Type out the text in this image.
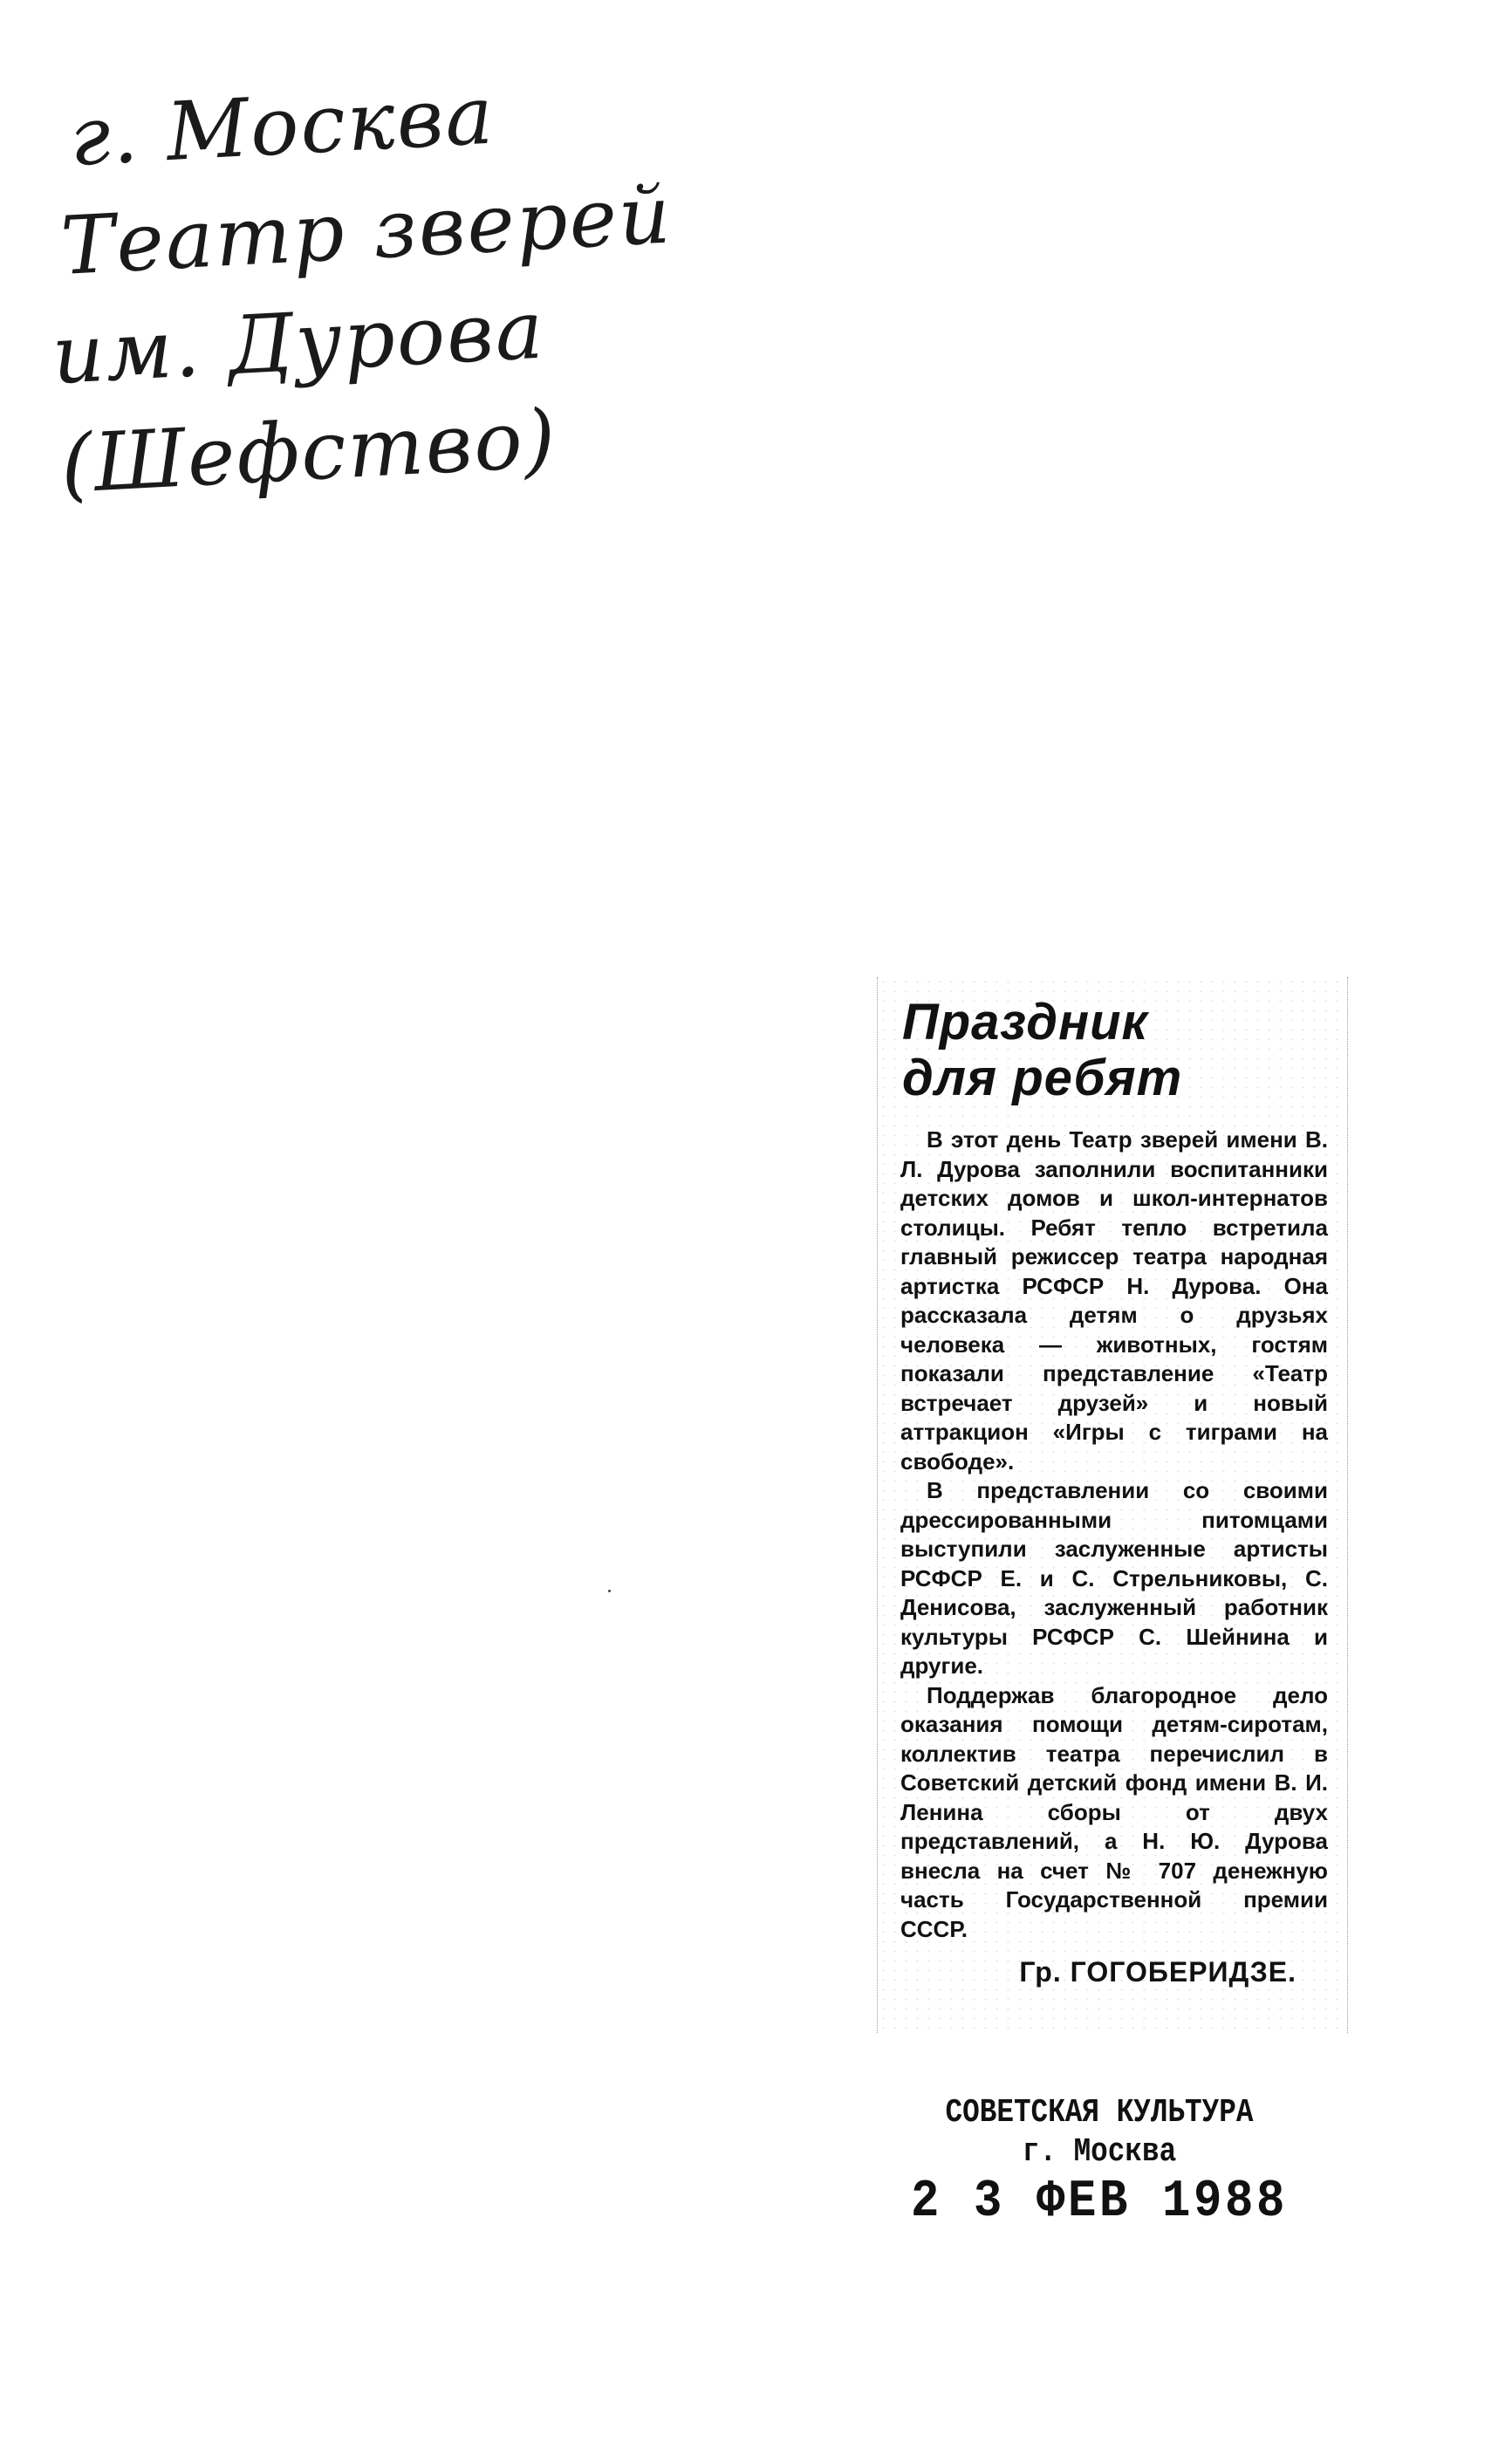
г. Москва
Театр зверей
им. Дурова
(Шефство)
Праздник
для ребят

В этот день Театр зверей имени В. Л. Дурова заполнили воспитанники детских домов и школ-интернатов столицы. Ребят тепло встретила главный режиссер театра народная артистка РСФСР Н. Дурова. Она рассказала детям о друзьях человека — животных, гостям показали представление «Театр встречает друзей» и новый аттракцион «Игры с тиграми на свободе».

В представлении со своими дрессированными питомцами выступили заслуженные артисты РСФСР Е. и С. Стрельниковы, С. Денисова, заслуженный работник культуры РСФСР С. Шейнина и другие.

Поддержав благородное дело оказания помощи детям-сиротам, коллектив театра перечислил в Советский детский фонд имени В. И. Ленина сборы от двух представлений, а Н. Ю. Дурова внесла на счет № 707 денежную часть Государственной премии СССР.

Гр. ГОГОБЕРИДЗЕ.
СОВЕТСКАЯ КУЛЬТУРА
г. Москва
2 3 ФЕВ 1988
